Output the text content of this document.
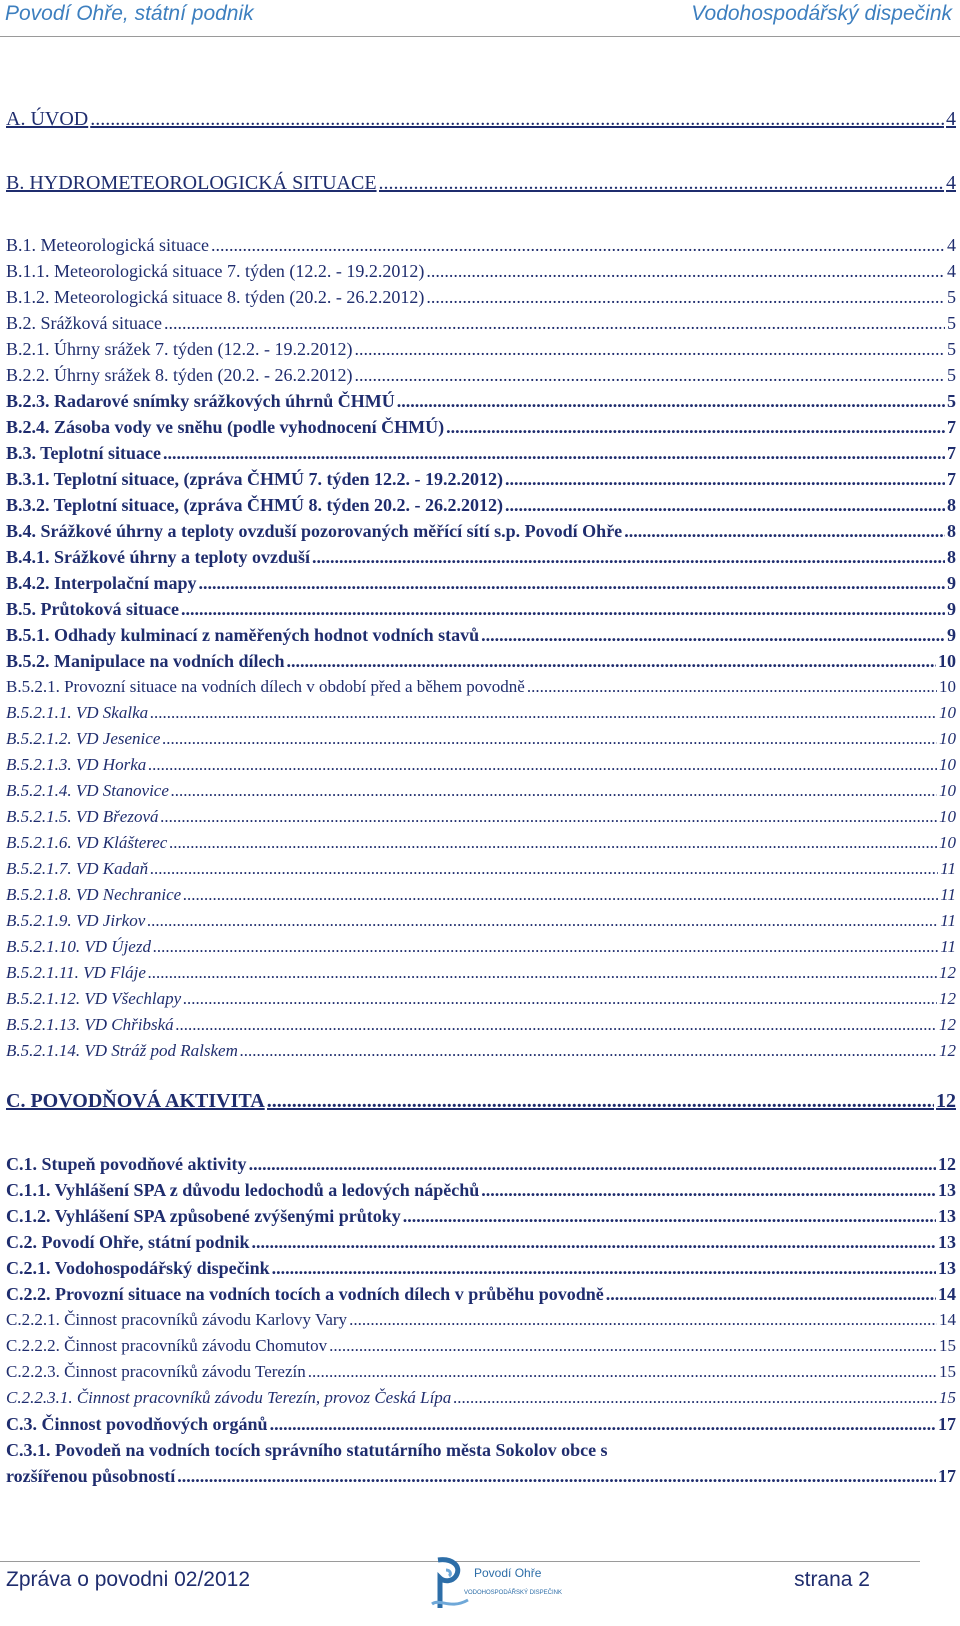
Povodí Ohře, státní podnik	Vodohospodářský dispečink
A. ÚVOD .....	4
B. HYDROMETEOROLOGICKÁ SITUACE .....	4
B.1. Meteorologická situace .....	4
B.1.1. Meteorologická situace 7. týden (12.2. - 19.2.2012) .....	4
B.1.2. Meteorologická situace 8. týden (20.2. - 26.2.2012) .....	5
B.2. Srážková situace .....	5
B.2.1. Úhrny srážek 7. týden (12.2. - 19.2.2012) .....	5
B.2.2. Úhrny srážek 8. týden (20.2. - 26.2.2012) .....	5
B.2.3. Radarové snímky srážkových úhrnů ČHMÚ .....	5
B.2.4. Zásoba vody ve sněhu (podle vyhodnocení ČHMÚ) .....	7
B.3. Teplotní situace .....	7
B.3.1. Teplotní situace, (zpráva ČHMÚ 7. týden 12.2. - 19.2.2012) .....	7
B.3.2. Teplotní situace, (zpráva ČHMÚ 8. týden 20.2. - 26.2.2012) .....	8
B.4. Srážkové úhrny a teploty ovzduší pozorovaných měřící sítí s.p. Povodí Ohře .....	8
B.4.1. Srážkové úhrny a teploty ovzduší .....	8
B.4.2. Interpolační mapy .....	9
B.5. Průtoková situace .....	9
B.5.1. Odhady kulminací z naměřených hodnot vodních stavů .....	9
B.5.2. Manipulace na vodních dílech .....	10
B.5.2.1. Provozní situace na vodních dílech v období před a během povodně .....	10
B.5.2.1.1. VD Skalka .....	10
B.5.2.1.2. VD Jesenice .....	10
B.5.2.1.3. VD Horka .....	10
B.5.2.1.4. VD Stanovice .....	10
B.5.2.1.5. VD Březová .....	10
B.5.2.1.6. VD Klášterec .....	10
B.5.2.1.7. VD Kadaň .....	11
B.5.2.1.8. VD Nechranice .....	11
B.5.2.1.9. VD Jirkov .....	11
B.5.2.1.10. VD Újezd .....	11
B.5.2.1.11. VD Fláje .....	12
B.5.2.1.12. VD Všechlapy .....	12
B.5.2.1.13. VD Chřibská .....	12
B.5.2.1.14. VD Stráž pod Ralskem .....	12
C. POVODŇOVÁ AKTIVITA .....	12
C.1. Stupeň povodňové aktivity .....	12
C.1.1. Vyhlášení SPA z důvodu ledochodů a ledových nápěchů .....	13
C.1.2. Vyhlášení SPA způsobené zvýšenými průtoky .....	13
C.2. Povodí Ohře, státní podnik .....	13
C.2.1. Vodohospodářský dispečink .....	13
C.2.2. Provozní situace na vodních tocích a vodních dílech v průběhu povodně .....	14
C.2.2.1. Činnost pracovníků závodu Karlovy Vary .....	14
C.2.2.2. Činnost pracovníků závodu Chomutov .....	15
C.2.2.3. Činnost pracovníků závodu Terezín .....	15
C.2.2.3.1. Činnost pracovníků závodu Terezín, provoz Česká Lípa .....	15
C.3. Činnost povodňových orgánů .....	17
C.3.1. Povodeň na vodních tocích správního statutárního města Sokolov obce s
rozšířenou působností .....	17
Zpráva o povodni 02/2012	Povodí Ohře
VODOHOSPODÁŘSKÝ DISPEČINK
strana 2
